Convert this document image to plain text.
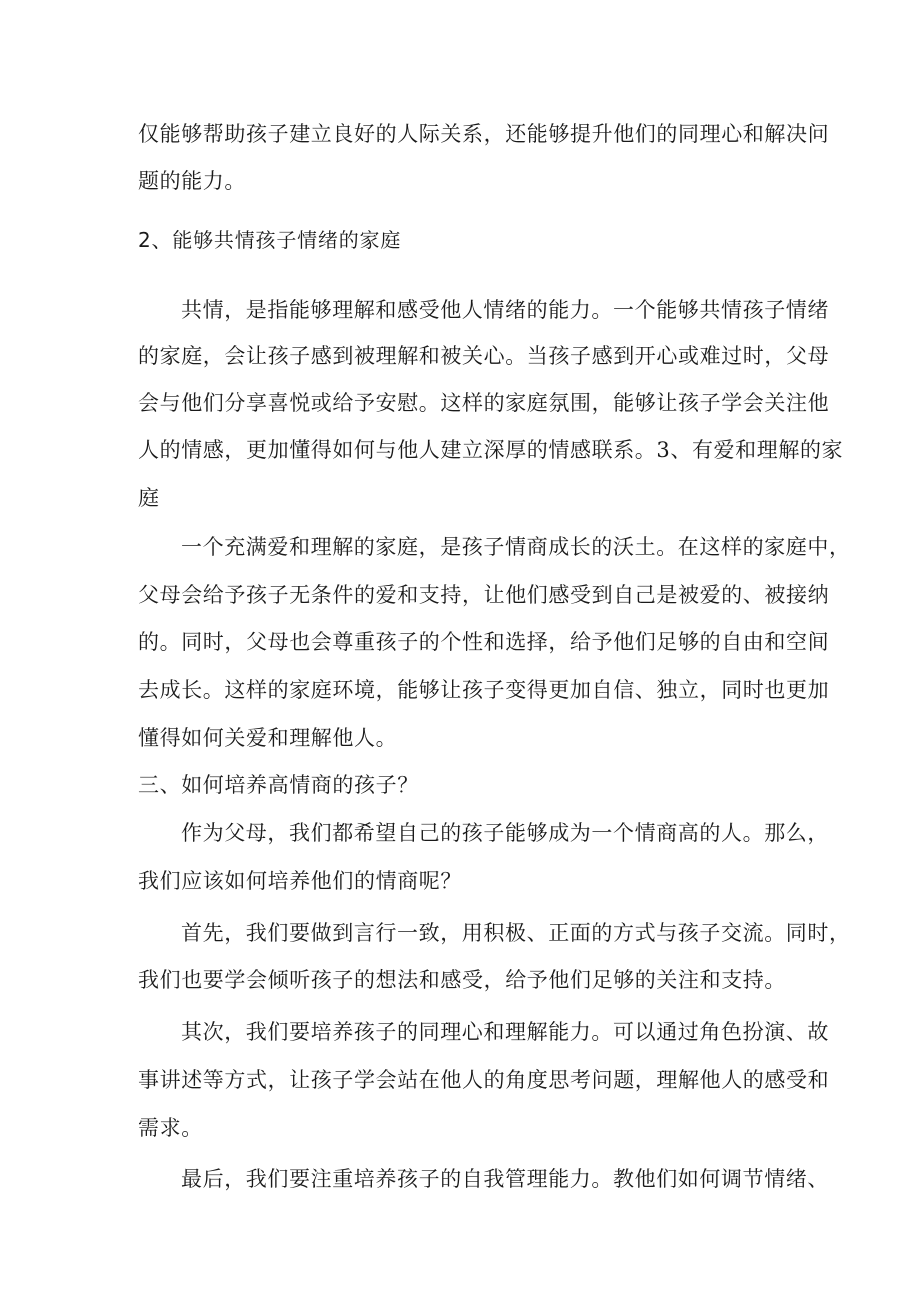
仅能够帮助孩子建立良好的人际关系，还能够提升他们的同理心和解决问
题的能力。
2、能够共情孩子情绪的家庭
共情，是指能够理解和感受他人情绪的能力。一个能够共情孩子情绪
的家庭，会让孩子感到被理解和被关心。当孩子感到开心或难过时，父母
会与他们分享喜悦或给予安慰。这样的家庭氛围，能够让孩子学会关注他
人的情感，更加懂得如何与他人建立深厚的情感联系。3、有爱和理解的家
庭
一个充满爱和理解的家庭，是孩子情商成长的沃土。在这样的家庭中，
父母会给予孩子无条件的爱和支持，让他们感受到自己是被爱的、被接纳
的。同时，父母也会尊重孩子的个性和选择，给予他们足够的自由和空间
去成长。这样的家庭环境，能够让孩子变得更加自信、独立，同时也更加
懂得如何关爱和理解他人。
三、如何培养高情商的孩子？
作为父母，我们都希望自己的孩子能够成为一个情商高的人。那么，
我们应该如何培养他们的情商呢？
首先，我们要做到言行一致，用积极、正面的方式与孩子交流。同时，
我们也要学会倾听孩子的想法和感受，给予他们足够的关注和支持。
其次，我们要培养孩子的同理心和理解能力。可以通过角色扮演、故
事讲述等方式，让孩子学会站在他人的角度思考问题，理解他人的感受和
需求。
最后，我们要注重培养孩子的自我管理能力。教他们如何调节情绪、
